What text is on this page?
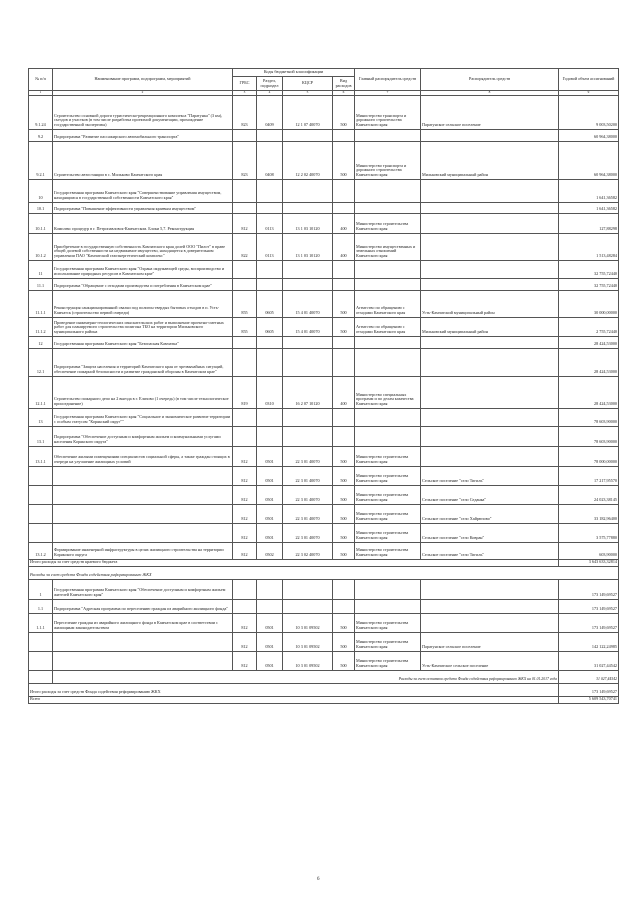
№ п/п	Наименование программ, подпрограмм, мероприятий	Коды бюджетной классификации				Главный распорядитель средств	Распорядитель средств	Годовой объем ассигнований
		ГРБС	Раздел, подраздел	КЦСР	Вид расходов			
1	2	3	4	5	6	7	8	9
9.1.24	Строительство основной дороги туристическо-рекреационного комплекса "Паратунка" (3 км), съездов и участков (в том числе разработка проектной документации, прохождение государственной экспертизы)	823	0409	12 1 07 40070	500	Министерство транспорта и дорожного строительства Камчатского края	Паратунское сельское поселение	9 003,50200
9.2	Подпрограмма "Развитие пассажирского автомобильного транспорта"							60 964,38000
9.2.1	Строительство автостанции в с. Мильково Камчатского края	823	0408	12 2 02 40070	500	Министерство транспорта и дорожного строительства Камчатского края	Мильковский муниципальный район	60 964,38000
10	Государственная программа Камчатского края "Совершенствование управления имуществом, находящимся в государственной собственности Камчатского края"							1 641,36582
10.1	Подпрограмма "Повышение эффективности управления краевым имуществом"							1 641,36582
10.1.1	Комплекс процедур в г. Петропавловск-Камчатском. Блоки 5,7. Реконструкция	812	0113	13 1 03 10120	400	Министерство строительства Камчатского края		127,88298
10.1.2	Приобретение в государственную собственность Камчатского края долей ООО "Пилот" в праве общей долевой собственности на недвижимое имущество, находящееся в доверительном управлении ПАО "Камчатский газоэнергетический комплекс"	822	0113	13 1 03 10120	400	Министерство имущественных и земельных отношений Камчатского края		1 513,48284
11	Государственная программа Камчатского края "Охрана окружающей среды, воспроизводство и использование природных ресурсов в Камчатском крае"							32 755,72440
11.1	Подпрограмма "Обращение с отходами производства и потребления в Камчатском крае"							32 755,72440
11.1.1	Реконструкция санкционированной свалки под полигон твердых бытовых отходов в п. Усть-Камчатск (строительство первой очереди)	855	0605	15 4 01 40070	500	Агентство по обращению с отходами Камчатского края	Усть-Камчатский муниципальный район	30 000,00000
11.1.2	Проведение инженерно-геологических изыскательских работ и выполнение проектно-сметных работ для планируемого строительства полигона ТБО на территории Мильковского муниципального района	855	0605	15 4 01 40070	500	Агентство по обращению с отходами Камчатского края	Мильковский муниципальный район	2 755,72440
12	Государственная программа Камчатского края "Безопасная Камчатка"							28 424,53000
12.1	Подпрограмма "Защита населения и территорий Камчатского края от чрезвычайных ситуаций, обеспечение пожарной безопасности и развитие гражданской обороны в Камчатском крае"							28 424,53000
12.1.1	Строительство пожарного депо на 2 выезда в г. Елизово (1 очередь) (в том числе технологическое присоединение)	819	0310	16 2 07 10120	400	Министерство специальных программ и по делам казачества Камчатского края		28 424,53000
13	Государственная программа Камчатского края "Социальное и экономическое развитие территории с особым статусом "Корякский округ""							78 603,90000
13.1	Подпрограмма "Обеспечение доступным и комфортным жильем и коммунальными услугами населения Корякского округа"							78 603,90000
13.1.1	Обеспечение жилыми помещениями специалистов социальной сферы, а также граждан стоящих в очереди на улучшение жилищных условий	812	0501	22 3 01 40070	500	Министерство строительства Камчатского края		78 000,00000
		812	0501	22 3 01 40070	500	Министерство строительства Камчатского края	Сельское поселение "село Тигиль"	17 217,95570
		812	0501	22 3 01 40070	500	Министерство строительства Камчатского края	Сельское поселение "село Седанка"	24 023,38145
		812	0501	22 3 01 40070	500	Министерство строительства Камчатского края	Сельское поселение "село Хайрюзово"	33 182,96400
		812	0501	22 3 01 40070	500	Министерство строительства Камчатского края	Сельское поселение "село Ковран"	3 575,77880
13.1.2	Формирование инженерной инфраструктуры в целях жилищного строительства на территории Корякского округа	812	0502	22 3 02 40070	500	Министерство строительства Камчатского края	Сельское поселение "село Тигиль"	603,90000
Итого расходы за счет средств краевого бюджета								3 643 633,32814
Расходы за счет средств Фонда содействия реформированию ЖКХ								
1	Государственная программа Камчатского края "Обеспечение доступным и комфортным жильем жителей Камчатского края"							173 149,69527
1.1	Подпрограмма "Адресная программа по переселению граждан из аварийного жилищного фонда"							173 149,69527
1.1.1	Переселение граждан из аварийного жилищного фонда в Камчатском крае в соответствии с жилищным законодательством	812	0501	10 3 01 09502	500	Министерство строительства Камчатского края		173 149,69527
		812	0501	10 3 01 09502	500	Министерство строительства Камчатского края	Паратунское сельское поселение	142 122,24985
		812	0501	10 3 01 09502	500	Министерство строительства Камчатского края	Усть-Камчатское сельское поселение	31 027,44542
	Расходы за счет остатков средств Фонда содействия реформированию ЖКХ на 01.01.2017 года							31 027,44542
Итого расходы за счет средств Фонда содействия реформированию ЖКХ								173 149,69527
Всего								5 609 543,70741
6
